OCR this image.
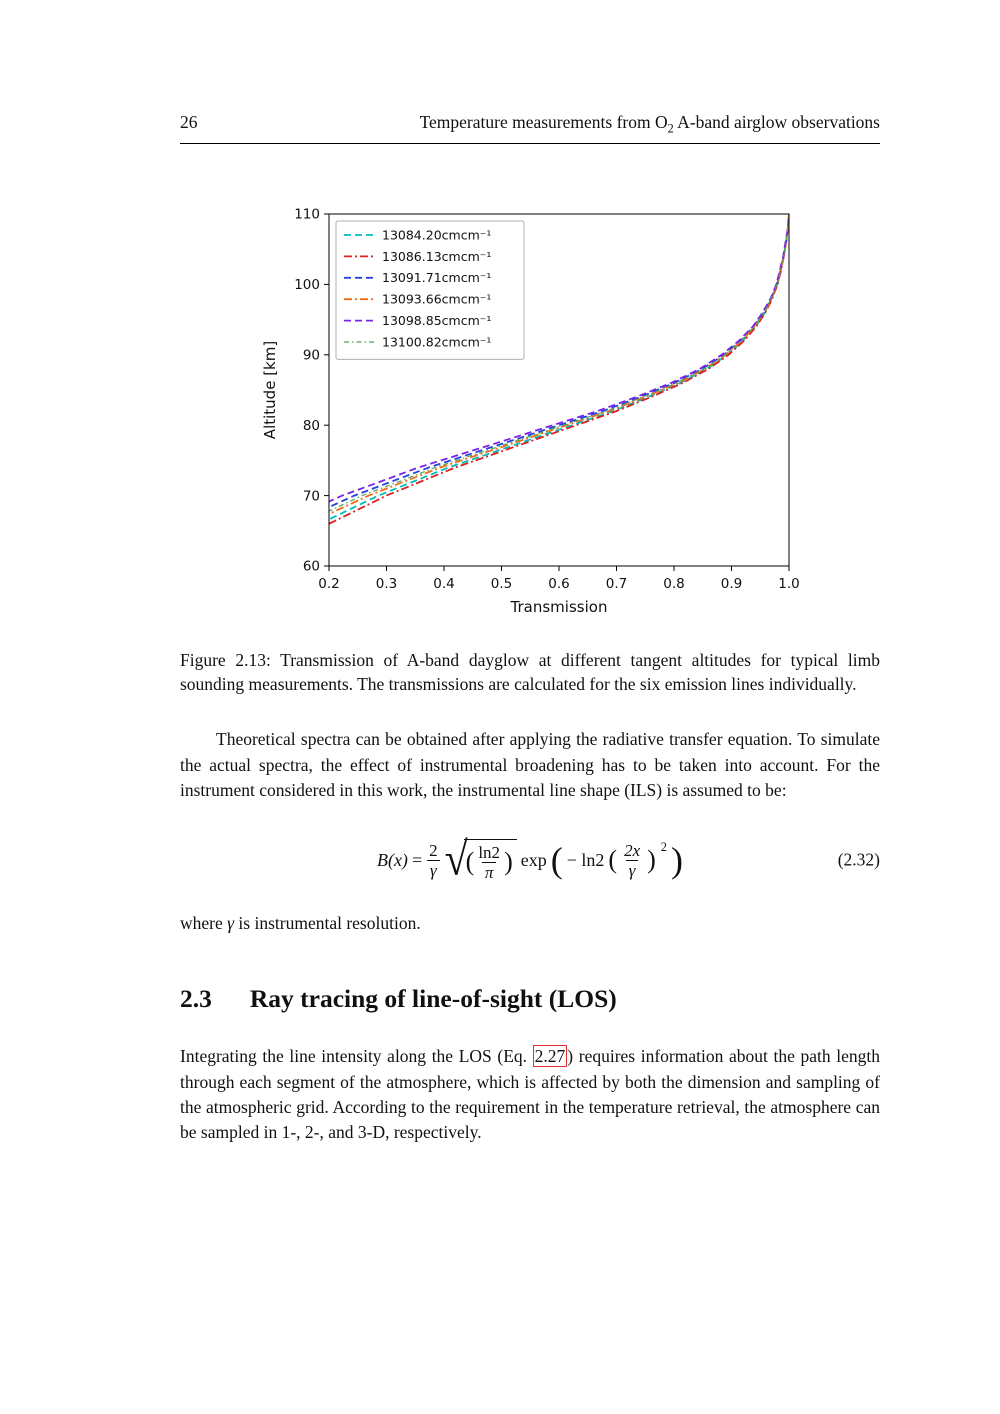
26	Temperature measurements from $O_2$ A-band airglow observations
0.2	0.3	0.4	0.5	0.6	0.7	0.8	0.9	1.0
60
70
80
90
100
110
Transmission
Altitude [km]
13084.20cmcm⁻¹
13086.13cmcm⁻¹
13091.71cmcm⁻¹
13093.66cmcm⁻¹
13098.85cmcm⁻¹
13100.82cmcm⁻¹

Figure 2.13: Transmission of A-band dayglow at different tangent altitudes for typical limb sounding measurements. The transmissions are calculated for the six emission lines individually.

Theoretical spectra can be obtained after applying the radiative transfer equation. To simulate the actual spectra, the effect of instrumental broadening has to be taken into account. For the instrument considered in this work, the instrumental line shape (ILS) is assumed to be:

$B(x) = \frac{2}{\gamma}$ √
( $\frac{\ln 2}{\pi}$ ) exp ( − ln2 ( $\frac{2x}{\gamma}$ ) 2 )	(2.32)

where γ is instrumental resolution.

2.3 Ray tracing of line-of-sight (LOS)

Integrating the line intensity along the LOS (Eq. 2.27 ) requires information about the path length through each segment of the atmosphere, which is affected by both the dimension and sampling of the atmospheric grid. According to the requirement in the temperature retrieval, the atmosphere can be sampled in 1-, 2-, and 3-D, respectively.
